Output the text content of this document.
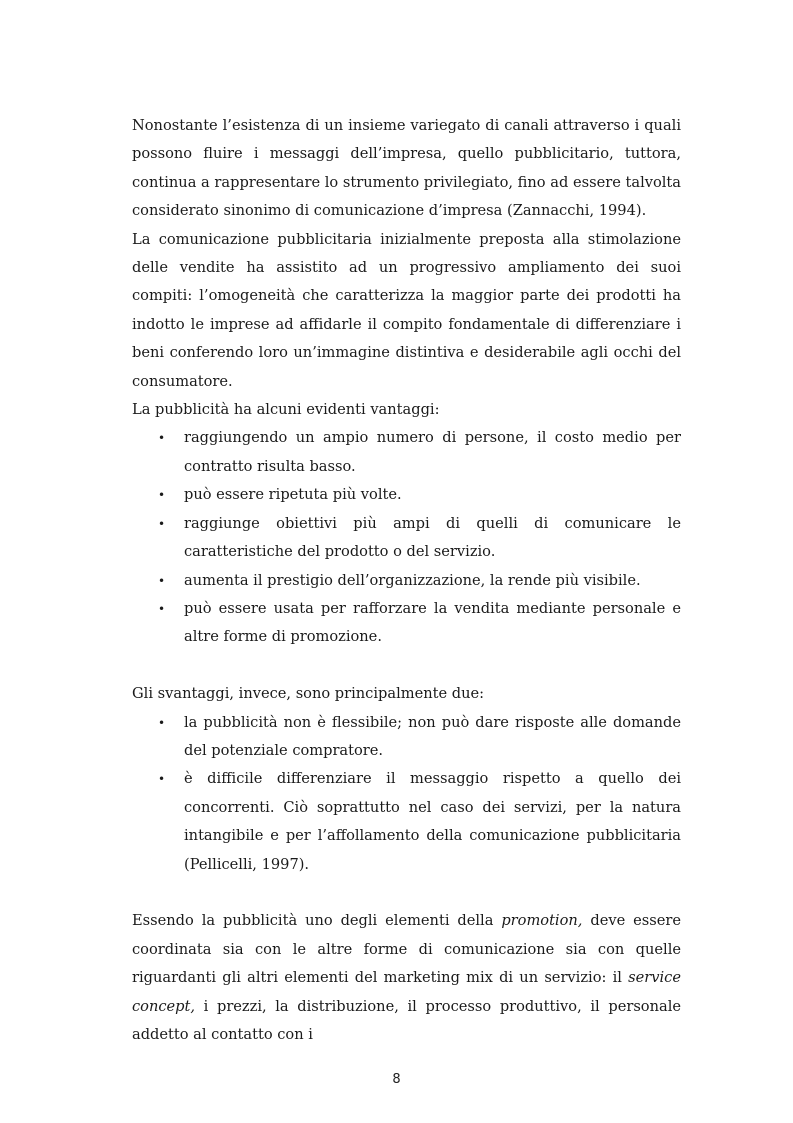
Nonostante l’esistenza di un insieme variegato di canali attraverso i quali possono fluire i messaggi dell’impresa, quello pubblicitario, tuttora, continua a rappresentare lo strumento privilegiato, fino ad essere talvolta considerato sinonimo di comunicazione d’impresa (Zannacchi, 1994).

La comunicazione pubblicitaria inizialmente preposta alla stimolazione delle vendite ha assistito ad un progressivo ampliamento dei suoi compiti: l’omogeneità che caratterizza la maggior parte dei prodotti ha indotto le imprese ad affidarle il compito fondamentale di differenziare i beni conferendo loro un’immagine distintiva e desiderabile agli occhi del consumatore.

La pubblicità ha alcuni evidenti vantaggi:

• raggiungendo un ampio numero di persone, il costo medio per contratto risulta basso.
• può essere ripetuta più volte.
• raggiunge obiettivi più ampi di quelli di comunicare le caratteristiche del prodotto o del servizio.
• aumenta il prestigio dell’organizzazione, la rende più visibile.
• può essere usata per rafforzare la vendita mediante personale e altre forme di promozione.

Gli svantaggi, invece, sono principalmente due:

• la pubblicità non è flessibile; non può dare risposte alle domande del potenziale compratore.
• è difficile differenziare il messaggio rispetto a quello dei concorrenti. Ciò soprattutto nel caso dei servizi, per la natura intangibile e per l’affollamento della comunicazione pubblicitaria (Pellicelli, 1997).

Essendo la pubblicità uno degli elementi della promotion, deve essere coordinata sia con le altre forme di comunicazione sia con quelle riguardanti gli altri elementi del marketing mix di un servizio: il service concept, i prezzi, la distribuzione, il processo produttivo, il personale addetto al contatto con i

8
